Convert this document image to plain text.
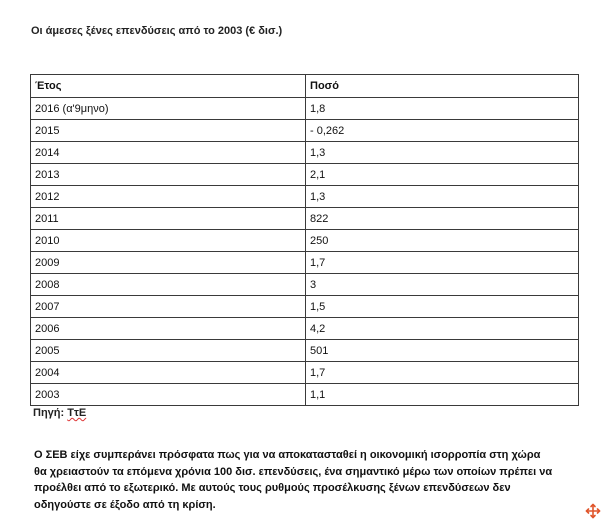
Οι άμεσες ξένες επενδύσεις από το 2003 (€ δισ.)
Έτος	Ποσό
2016 (α'9μηνο)	1,8
2015	- 0,262
2014	1,3
2013	2,1
2012	1,3
2011	822
2010	250
2009	1,7
2008	3
2007	1,5
2006	4,2
2005	501
2004	1,7
2003	1,1
Πηγή: ΤτΕ

Ο ΣΕΒ είχε συμπεράνει πρόσφατα πως για να αποκατασταθεί η οικονομική ισορροπία στη χώρα θα χρειαστούν τα επόμενα χρόνια 100 δισ. επενδύσεις, ένα σημαντικό μέρω των οποίων πρέπει να προέλθει από το εξωτερικό. Με αυτούς τους ρυθμούς προσέλκυσης ξένων επενδύσεων δεν οδηγούστε σε έξοδο από τη κρίση.
